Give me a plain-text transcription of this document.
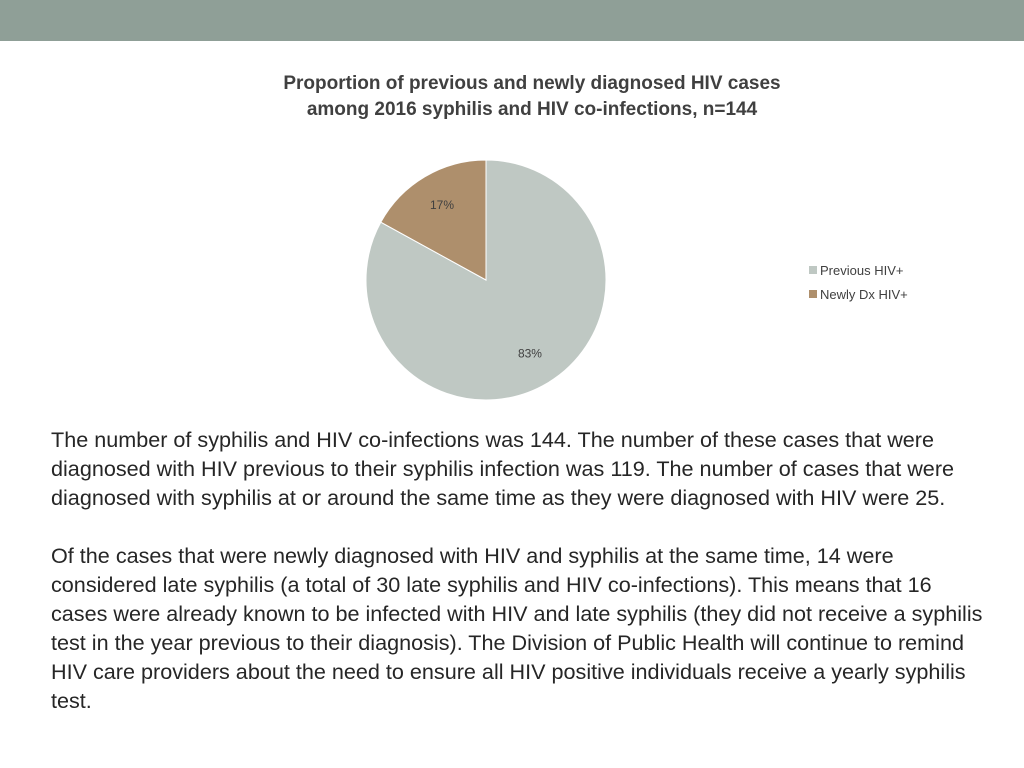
Proportion of previous and newly diagnosed HIV cases
among 2016 syphilis and HIV co-infections, n=144
83%
17%
Previous HIV+
Newly Dx HIV+

The number of syphilis and HIV co-infections was 144. The number of these cases that were diagnosed with HIV previous to their syphilis infection was 119. The number of cases that were diagnosed with syphilis at or around the same time as they were diagnosed with HIV were 25.

Of the cases that were newly diagnosed with HIV and syphilis at the same time, 14 were considered late syphilis (a total of 30 late syphilis and HIV co-infections). This means that 16 cases were already known to be infected with HIV and late syphilis (they did not receive a syphilis test in the year previous to their diagnosis). The Division of Public Health will continue to remind HIV care providers about the need to ensure all HIV positive individuals receive a yearly syphilis test.
